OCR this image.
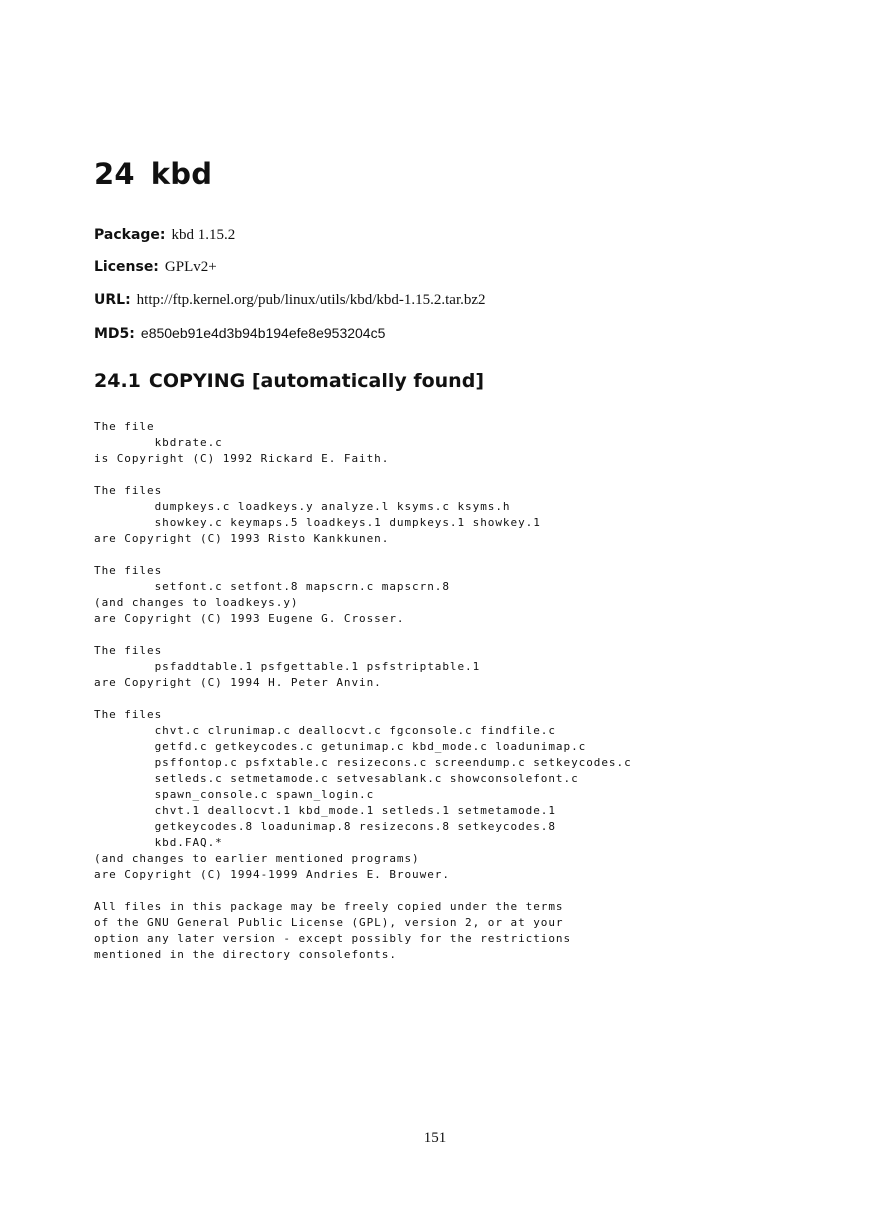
24 kbd

Package: kbd 1.15.2

License: GPLv2+

URL: http://ftp.kernel.org/pub/linux/utils/kbd/kbd-1.15.2.tar.bz2

MD5: e850eb91e4d3b94b194efe8e953204c5

24.1 COPYING [automatically found]
The file
kbdrate.c
is Copyright (C) 1992 Rickard E. Faith.

The files
dumpkeys.c loadkeys.y analyze.l ksyms.c ksyms.h
showkey.c keymaps.5 loadkeys.1 dumpkeys.1 showkey.1
are Copyright (C) 1993 Risto Kankkunen.

The files
setfont.c setfont.8 mapscrn.c mapscrn.8
(and changes to loadkeys.y)
are Copyright (C) 1993 Eugene G. Crosser.

The files
psfaddtable.1 psfgettable.1 psfstriptable.1
are Copyright (C) 1994 H. Peter Anvin.

The files
chvt.c clrunimap.c deallocvt.c fgconsole.c findfile.c
getfd.c getkeycodes.c getunimap.c kbd_mode.c loadunimap.c
psffontop.c psfxtable.c resizecons.c screendump.c setkeycodes.c
setleds.c setmetamode.c setvesablank.c showconsolefont.c
spawn_console.c spawn_login.c
chvt.1 deallocvt.1 kbd_mode.1 setleds.1 setmetamode.1
getkeycodes.8 loadunimap.8 resizecons.8 setkeycodes.8
kbd.FAQ.*
(and changes to earlier mentioned programs)
are Copyright (C) 1994-1999 Andries E. Brouwer.

All files in this package may be freely copied under the terms
of the GNU General Public License (GPL), version 2, or at your
option any later version - except possibly for the restrictions
mentioned in the directory consolefonts.
151
